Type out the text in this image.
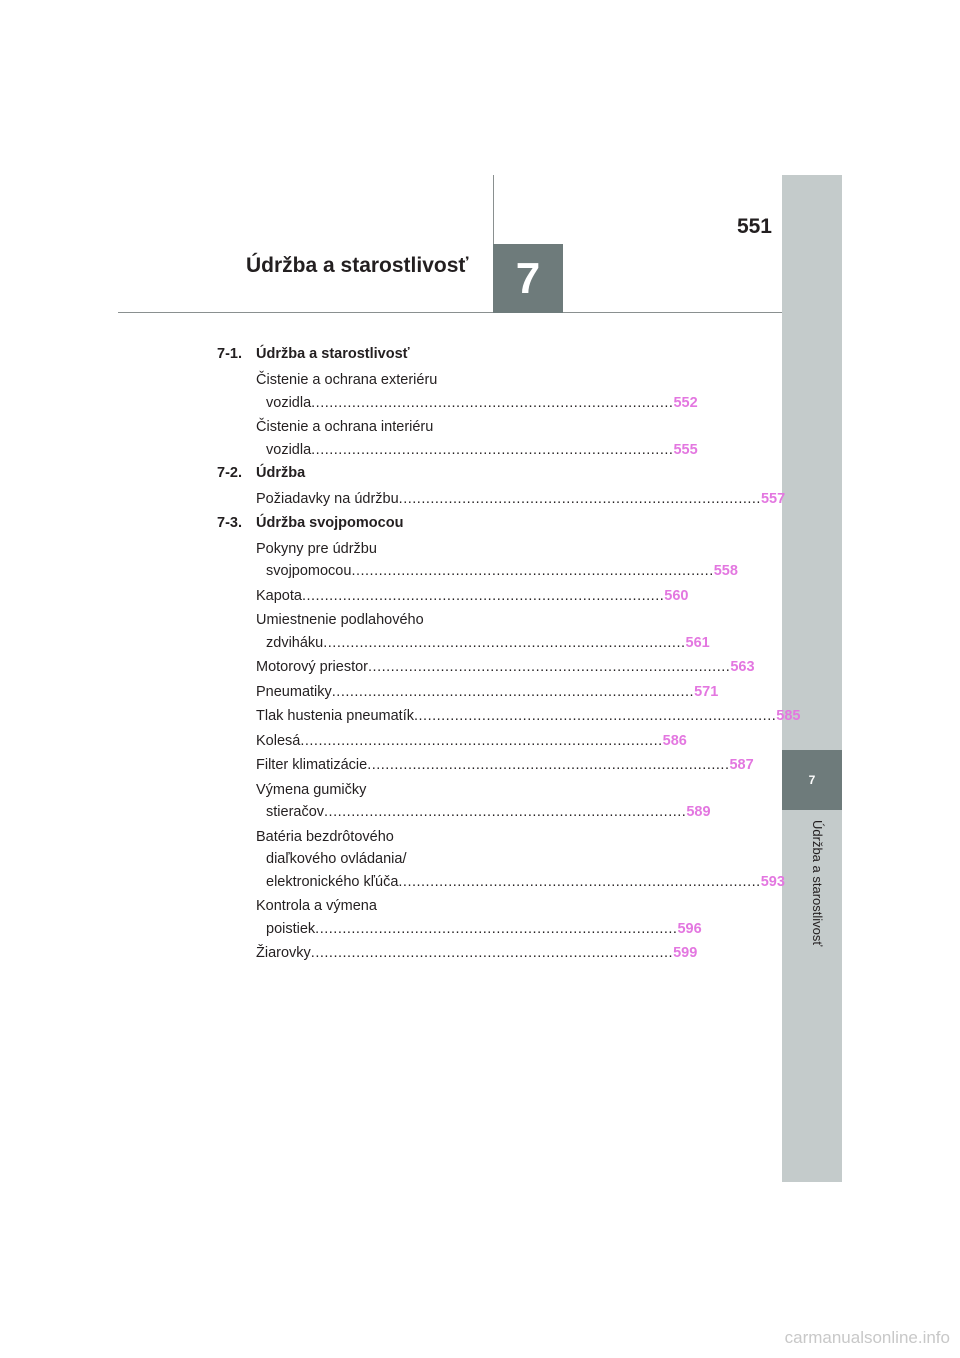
551
Údržba a starostlivosť	7
7
Údržba a starostlivosť
7-1. Údržba a starostlivosť
Čistenie a ochrana exteriéru
vozidla ................................................................................ 552
Čistenie a ochrana interiéru
vozidla ................................................................................ 555
7-2. Údržba
Požiadavky na údržbu ................................................................................ 557
7-3. Údržba svojpomocou
Pokyny pre údržbu
svojpomocou ................................................................................ 558
Kapota ................................................................................ 560
Umiestnenie podlahového
zdviháku ................................................................................ 561
Motorový priestor ................................................................................ 563
Pneumatiky ................................................................................ 571
Tlak hustenia pneumatík ................................................................................ 585
Kolesá ................................................................................ 586
Filter klimatizácie ................................................................................ 587
Výmena gumičky
stieračov ................................................................................ 589
Batéria bezdrôtového
diaľkového ovládania/
elektronického kľúča ................................................................................ 593
Kontrola a výmena
poistiek ................................................................................ 596
Žiarovky ................................................................................ 599
carmanualsonline.info
